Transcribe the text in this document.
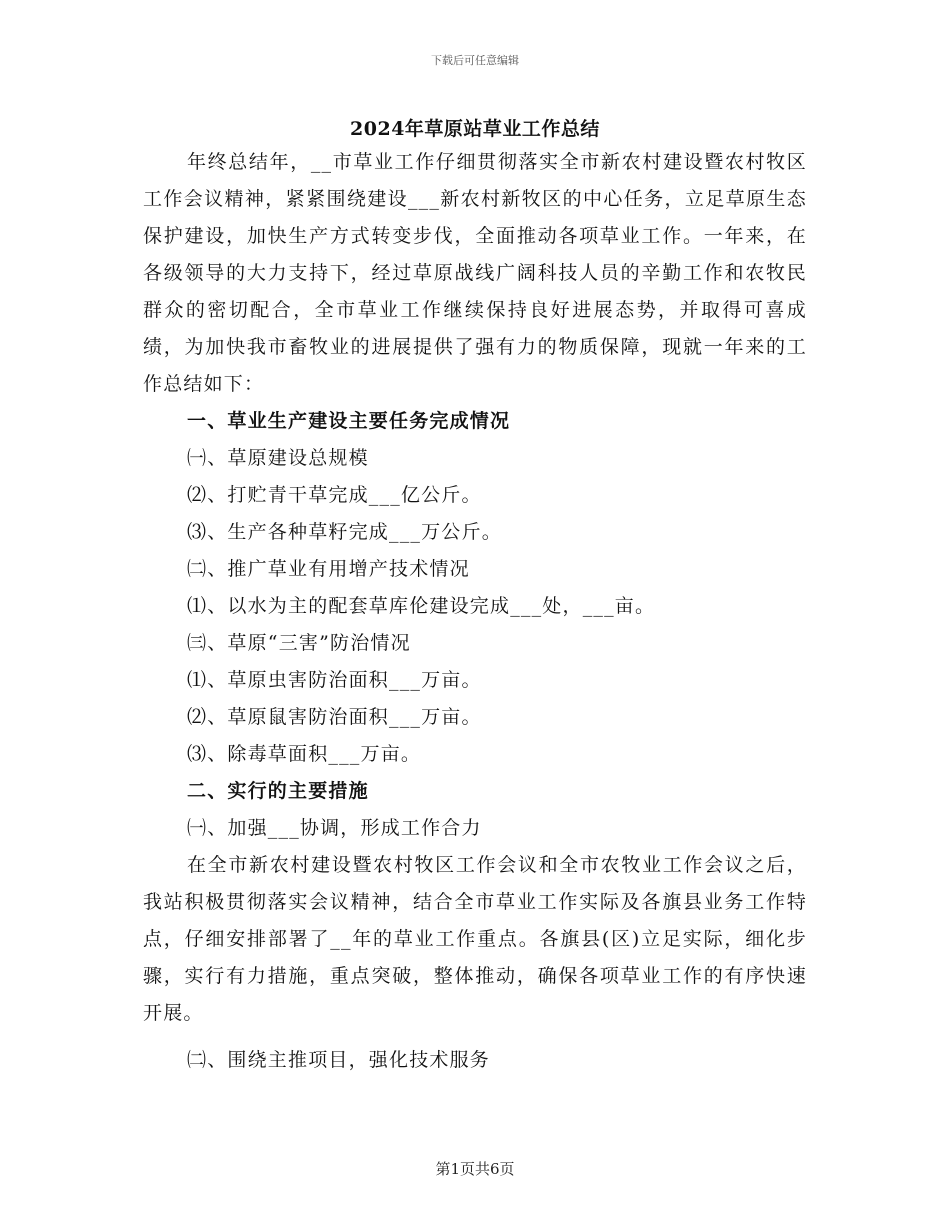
下载后可任意编辑
2024年草原站草业工作总结

年终总结年，__市草业工作仔细贯彻落实全市新农村建设暨农村牧区工作会议精神，紧紧围绕建设___新农村新牧区的中心任务，立足草原生态保护建设，加快生产方式转变步伐，全面推动各项草业工作。一年来，在各级领导的大力支持下，经过草原战线广阔科技人员的辛勤工作和农牧民群众的密切配合，全市草业工作继续保持良好进展态势，并取得可喜成绩，为加快我市畜牧业的进展提供了强有力的物质保障，现就一年来的工作总结如下：

一、草业生产建设主要任务完成情况

㈠、草原建设总规模

⑵、打贮青干草完成___亿公斤。

⑶、生产各种草籽完成___万公斤。

㈡、推广草业有用增产技术情况

⑴、以水为主的配套草库伦建设完成___处，___亩。

㈢、草原“三害”防治情况

⑴、草原虫害防治面积___万亩。

⑵、草原鼠害防治面积___万亩。

⑶、除毒草面积___万亩。

二、实行的主要措施

㈠、加强___协调，形成工作合力

在全市新农村建设暨农村牧区工作会议和全市农牧业工作会议之后，我站积极贯彻落实会议精神，结合全市草业工作实际及各旗县业务工作特点，仔细安排部署了__年的草业工作重点。各旗县(区)立足实际，细化步骤，实行有力措施，重点突破，整体推动，确保各项草业工作的有序快速开展。

㈡、围绕主推项目，强化技术服务

第1页共6页
